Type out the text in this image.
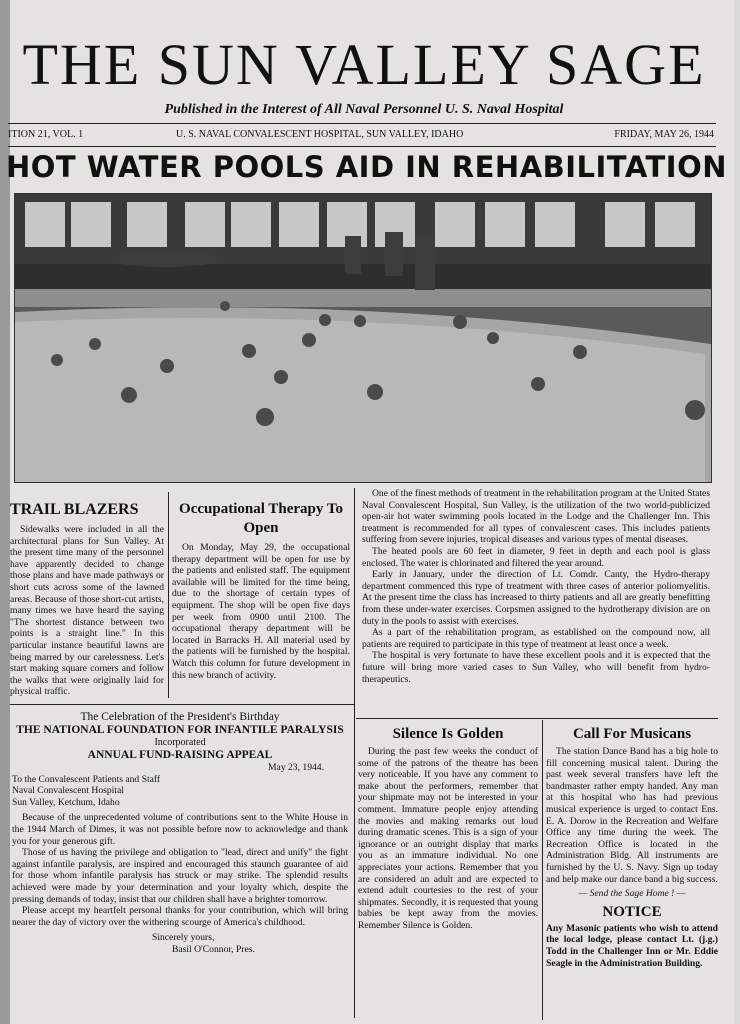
THE SUN VALLEY SAGE
Published in the Interest of All Naval Personnel U. S. Naval Hospital
ITION 21, VOL. 1	U. S. NAVAL CONVALESCENT HOSPITAL, SUN VALLEY, IDAHO	FRIDAY, MAY 26, 1944
HOT WATER POOLS AID IN REHABILITATION
TRAIL BLAZERS

Sidewalks were included in all the architectural plans for Sun Valley. At the present time many of the personnel have apparently decided to change those plans and have made pathways or short cuts across some of the lawned areas. Because of those short-cut artists, many times we have heard the saying "The shortest distance between two points is a straight line." In this particular instance beautiful lawns are being marred by our carelessness. Let's start making square corners and follow the walks that were originally laid for physical traffic.

Occupational Therapy To Open

On Monday, May 29, the occupational therapy department will be open for use by the patients and enlisted staff. The equipment available will be limited for the time being, due to the shortage of certain types of equipment. The shop will be open five days per week from 0900 until 2100. The occupational therapy department will be located in Barracks H. All material used by the patients will be furnished by the hospital. Watch this column for future development in this new branch of activity.

One of the finest methods of treatment in the rehabilitation program at the United States Naval Convalescent Hospital, Sun Valley, is the utilization of the two world-publicized open-air hot water swimming pools located in the Lodge and the Challenger Inn. This treatment is recommended for all types of convalescent cases. This includes patients suffering from severe injuries, tropical diseases and various types of mental diseases.

The heated pools are 60 feet in diameter, 9 feet in depth and each pool is glass enclosed. The water is chlorinated and filtered the year around.

Early in January, under the direction of Lt. Comdr. Canty, the Hydro-therapy department commenced this type of treatment with three cases of anterior poliomyelitis. At the present time the class has increased to thirty patients and all are greatly benefitting from these under-water exercises. Corpsmen assigned to the hydrotherapy division are on duty in the pools to assist with exercises.

As a part of the rehabilitation program, as established on the compound now, all patients are required to participate in this type of treatment at least once a week.

The hospital is very fortunate to have these excellent pools and it is expected that the future will bring more varied cases to Sun Valley, who will benefit from hydro-therapeutics.

The Celebration of the President's Birthday
THE NATIONAL FOUNDATION FOR INFANTILE PARALYSIS
Incorporated
ANNUAL FUND-RAISING APPEAL
May 23, 1944.
To the Convalescent Patients and Staff
Naval Convalescent Hospital
Sun Valley, Ketchum, Idaho

Because of the unprecedented volume of contributions sent to the White House in the 1944 March of Dimes, it was not possible before now to acknowledge and thank you for your generous gift.

Those of us having the privilege and obligation to "lead, direct and unify" the fight against infantile paralysis, are inspired and encouraged this staunch guarantee of aid for those whom infantile paralysis has struck or may strike. The splendid results achieved were made by your determination and your loyalty which, despite the pressing demands of today, insist that our children shall have a brighter tomorrow.

Please accept my heartfelt personal thanks for your contribution, which will bring nearer the day of victory over the withering scourge of America's childhood.

Sincerely yours,
Basil O'Connor, Pres.
Silence Is Golden

During the past few weeks the conduct of some of the patrons of the theatre has been very noticeable. If you have any comment to make about the performers, remember that your shipmate may not be interested in your comment. Immature people enjoy attending the movies and making remarks out loud during dramatic scenes. This is a sign of your ignorance or an outright display that marks you as an immature individual. No one appreciates your actions. Remember that you are considered an adult and are expected to extend adult courtesies to the rest of your shipmates. Secondly, it is requested that young babies be kept away from the movies. Remember Silence is Golden.

Call For Musicans

The station Dance Band has a big hole to fill concerning musical talent. During the past week several transfers have left the bandmaster rather empty handed. Any man at this hospital who has had previous musical experience is urged to contact Ens. E. A. Dorow in the Recreation and Welfare Office any time during the week. The Recreation Office is located in the Administration Bldg. All instruments are furnished by the U. S. Navy. Sign up today and help make our dance band a big success.

— Send the Sage Home ! —
NOTICE

Any Masonic patients who wish to attend the local lodge, please contact Lt. (j.g.) Todd in the Challenger Inn or Mr. Eddie Seagle in the Administration Building.
